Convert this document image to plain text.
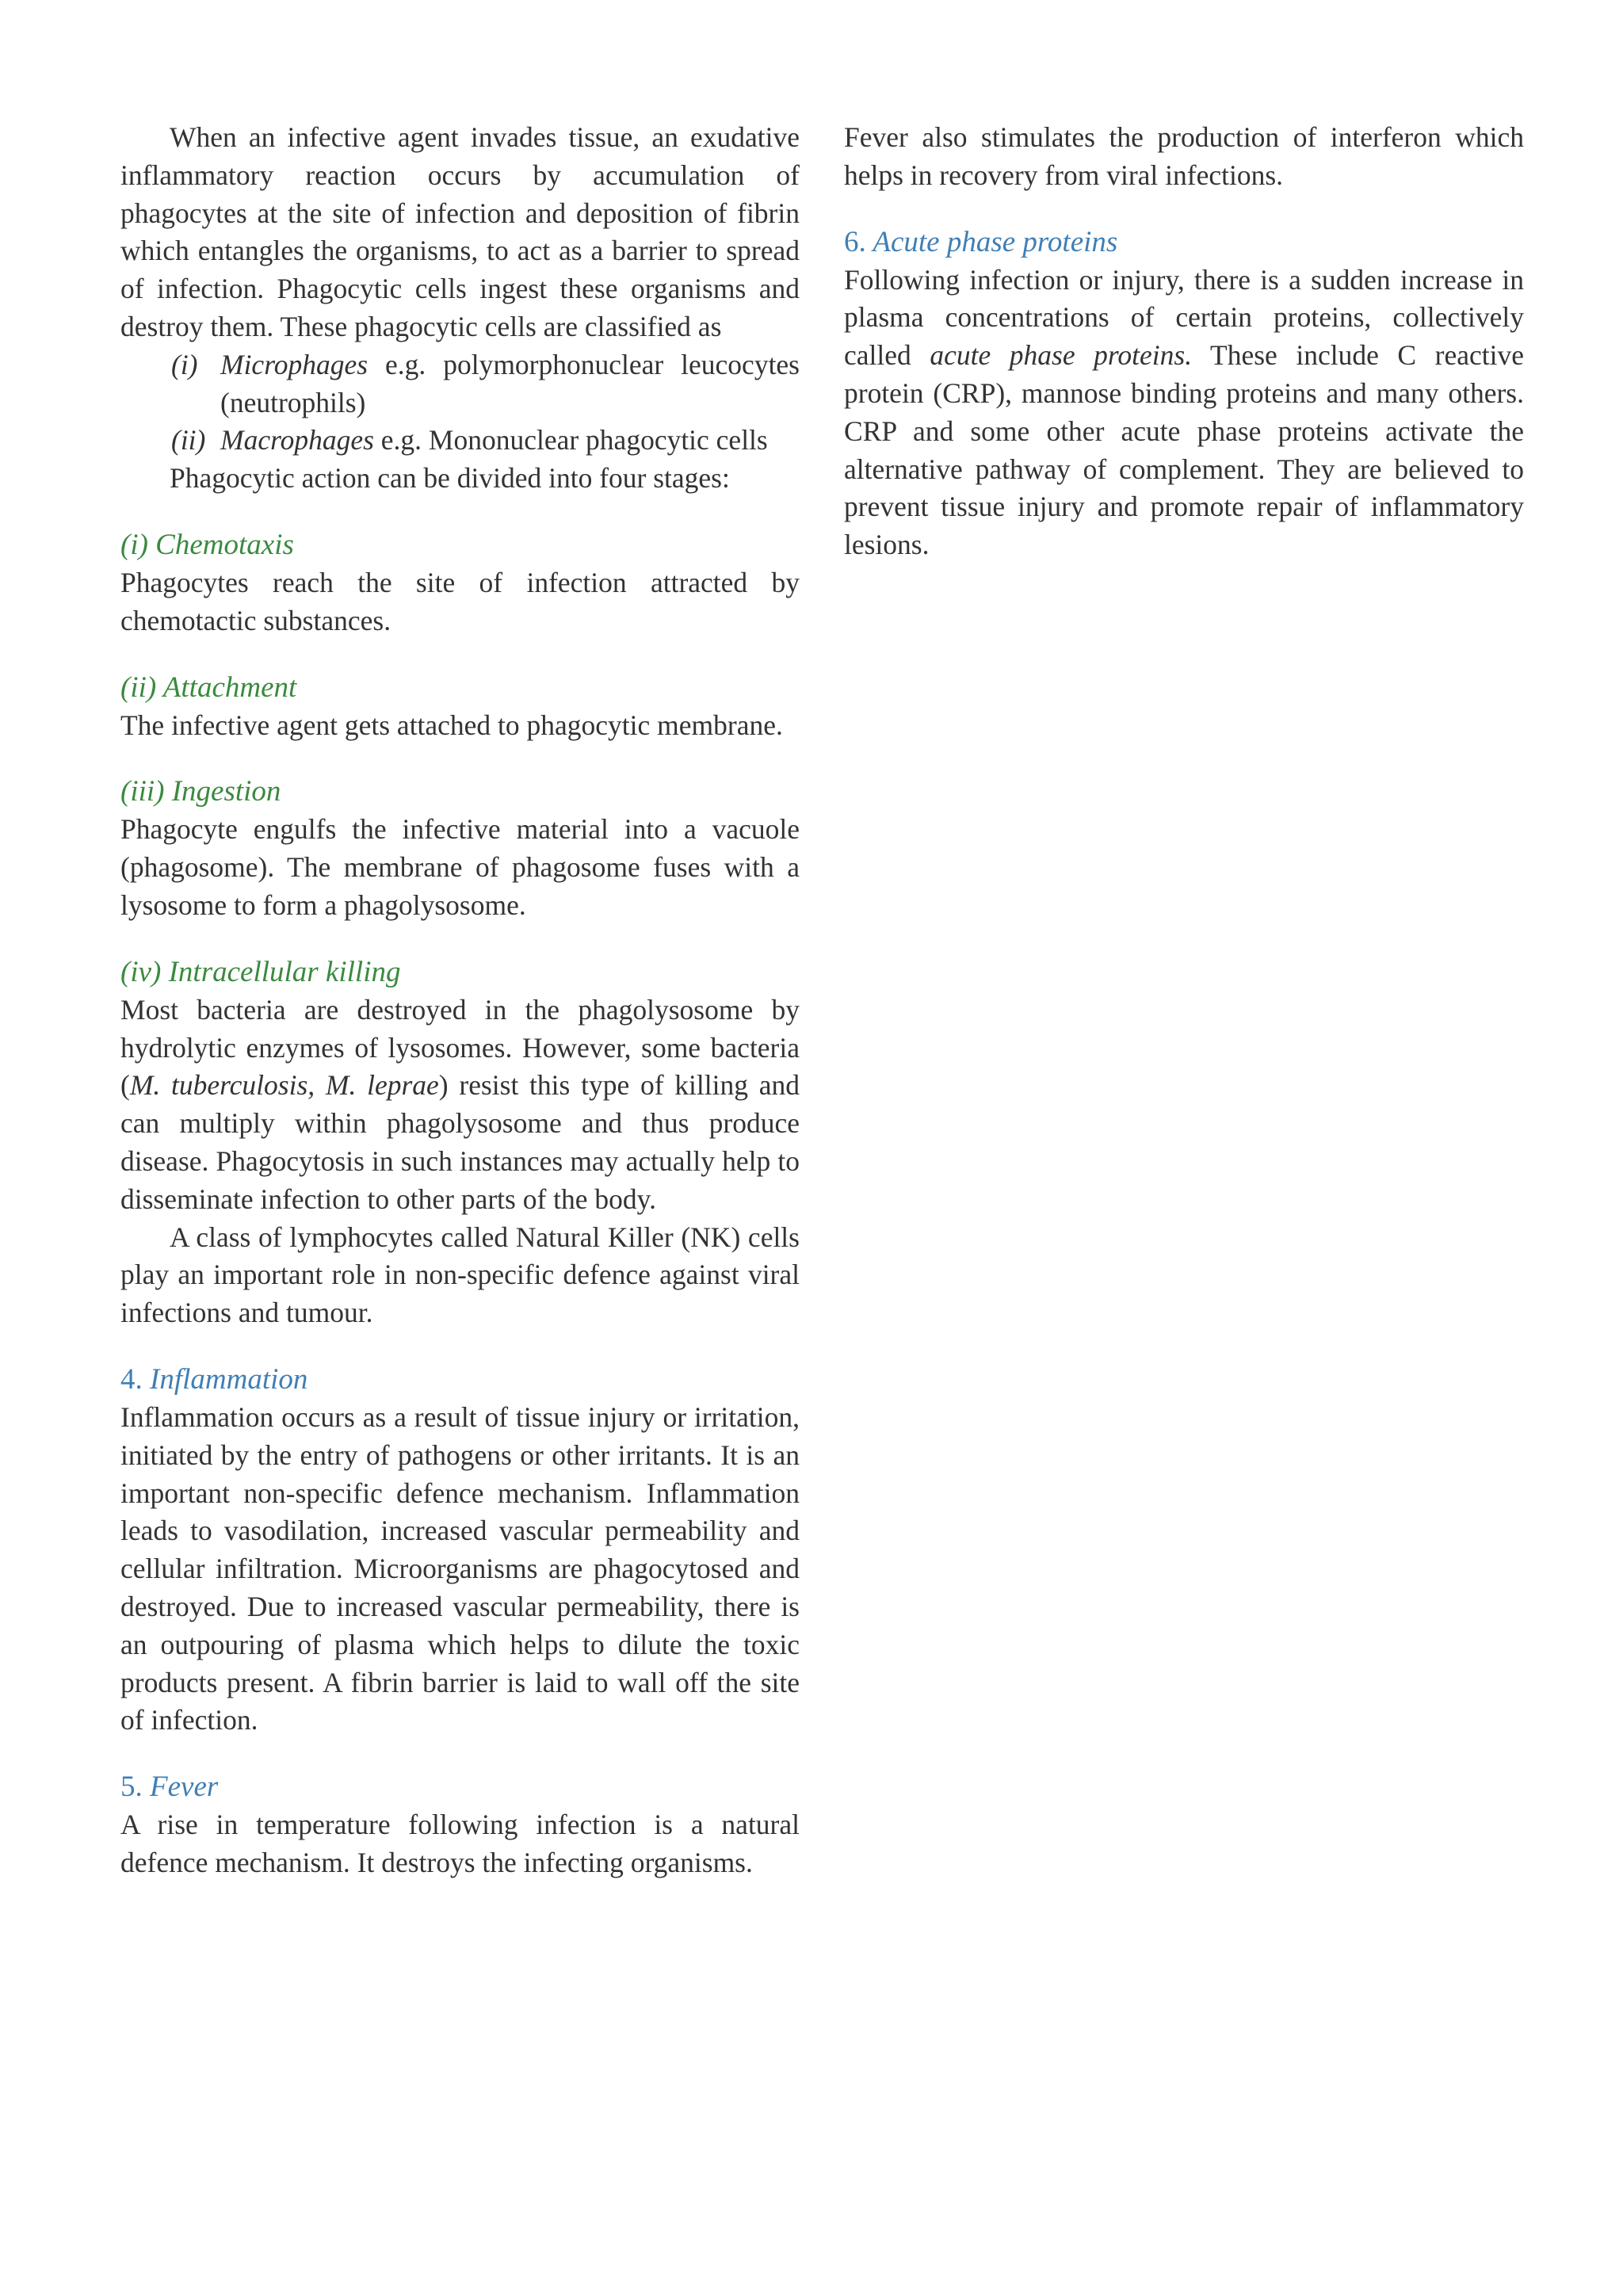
When an infective agent invades tissue, an exudative inflammatory reaction occurs by accumulation of phagocytes at the site of infection and deposition of fibrin which entangles the organisms, to act as a barrier to spread of infection. Phagocytic cells ingest these organisms and destroy them. These phagocytic cells are classified as

(i) Microphages e.g. polymorphonuclear leucocytes (neutrophils)
(ii) Macrophages e.g. Mononuclear phagocytic cells

Phagocytic action can be divided into four stages:

(i) Chemotaxis

Phagocytes reach the site of infection attracted by chemotactic substances.

(ii) Attachment

The infective agent gets attached to phagocytic membrane.

(iii) Ingestion

Phagocyte engulfs the infective material into a vacuole (phagosome). The membrane of phagosome fuses with a lysosome to form a phagolysosome.

(iv) Intracellular killing

Most bacteria are destroyed in the phagolysosome by hydrolytic enzymes of lysosomes. However, some bacteria (M. tuberculosis, M. leprae) resist this type of killing and can multiply within phagolysosome and thus produce disease. Phagocytosis in such instances may actually help to disseminate infection to other parts of the body.

A class of lymphocytes called Natural Killer (NK) cells play an important role in non-specific defence against viral infections and tumour.

4. Inflammation

Inflammation occurs as a result of tissue injury or irritation, initiated by the entry of pathogens or other irritants. It is an important non-specific defence mechanism. Inflammation leads to vasodilation, increased vascular permeability and cellular infiltration. Microorganisms are phagocytosed and destroyed. Due to increased vascular permeability, there is an outpouring of plasma which helps to dilute the toxic products present. A fibrin barrier is laid to wall off the site of infection.

5. Fever

A rise in temperature following infection is a natural defence mechanism. It destroys the infecting organisms.

Fever also stimulates the production of interferon which helps in recovery from viral infections.

6. Acute phase proteins

Following infection or injury, there is a sudden increase in plasma concentrations of certain proteins, collectively called acute phase proteins. These include C reactive protein (CRP), mannose binding proteins and many others. CRP and some other acute phase proteins activate the alternative pathway of complement. They are believed to prevent tissue injury and promote repair of inflammatory lesions.
